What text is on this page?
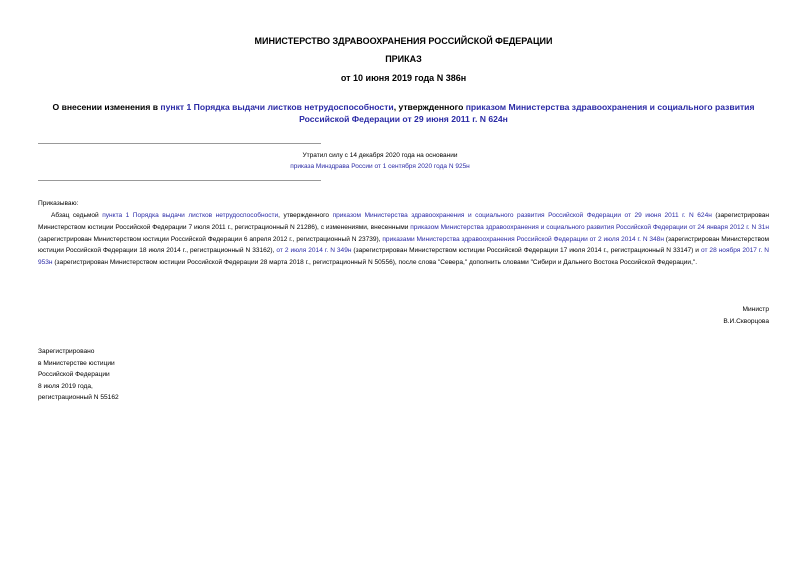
МИНИСТЕРСТВО ЗДРАВООХРАНЕНИЯ РОССИЙСКОЙ ФЕДЕРАЦИИ
ПРИКАЗ
от 10 июня 2019 года N 386н
О внесении изменения в пункт 1 Порядка выдачи листков нетрудоспособности, утвержденного приказом Министерства здравоохранения и социального развития Российской Федерации от 29 июня 2011 г. N 624н
Утратил силу с 14 декабря 2020 года на основании
приказа Минздрава России от 1 сентября 2020 года N 925н
Приказываю:
Абзац седьмой пункта 1 Порядка выдачи листков нетрудоспособности, утвержденного приказом Министерства здравоохранения и социального развития Российской Федерации от 29 июня 2011 г. N 624н (зарегистрирован Министерством юстиции Российской Федерации 7 июля 2011 г., регистрационный N 21286), с изменениями, внесенными приказом Министерства здравоохранения и социального развития Российской Федерации от 24 января 2012 г. N 31н (зарегистрирован Министерством юстиции Российской Федерации 6 апреля 2012 г., регистрационный N 23739), приказами Министерства здравоохранения Российской Федерации от 2 июля 2014 г. N 348н (зарегистрирован Министерством юстиции Российской Федерации 18 июля 2014 г., регистрационный N 33162), от 2 июля 2014 г. N 349н (зарегистрирован Министерством юстиции Российской Федерации 17 июля 2014 г., регистрационный N 33147) и от 28 ноября 2017 г. N 953н (зарегистрирован Министерством юстиции Российской Федерации 28 марта 2018 г., регистрационный N 50556), после слова "Севера," дополнить словами "Сибири и Дальнего Востока Российской Федерации,".
Министр
В.И.Скворцова
Зарегистрировано
в Министерстве юстиции
Российской Федерации
8 июля 2019 года,
регистрационный N 55162
